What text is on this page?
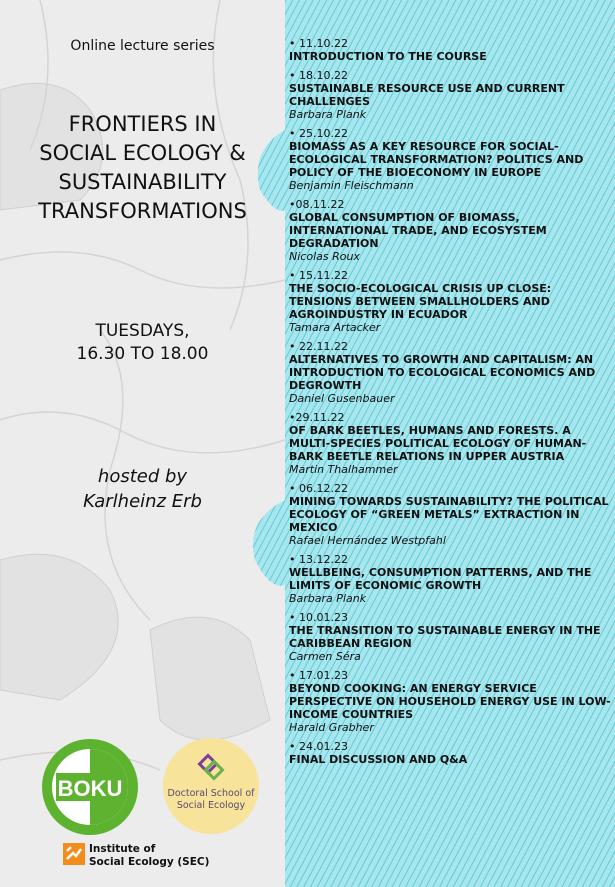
Online lecture series
FRONTIERS IN
SOCIAL ECOLOGY &
SUSTAINABILITY
TRANSFORMATIONS
TUESDAYS,
16.30 TO 18.00
hosted by
Karlheinz Erb
BOKU	Doctoral School of
Social Ecology
Institute of
Social Ecology (SEC)
• 11.10.22
INTRODUCTION TO THE COURSE
• 18.10.22
SUSTAINABLE RESOURCE USE AND CURRENT CHALLENGES
Barbara Plank
• 25.10.22
BIOMASS AS A KEY RESOURCE FOR SOCIAL-ECOLOGICAL TRANSFORMATION? POLITICS AND POLICY OF THE BIOECONOMY IN EUROPE
Benjamin Fleischmann
•08.11.22
GLOBAL CONSUMPTION OF BIOMASS, INTERNATIONAL TRADE, AND ECOSYSTEM DEGRADATION
Nicolas Roux
• 15.11.22
THE SOCIO-ECOLOGICAL CRISIS UP CLOSE: TENSIONS BETWEEN SMALLHOLDERS AND AGROINDUSTRY IN ECUADOR
Tamara Artacker
• 22.11.22
ALTERNATIVES TO GROWTH AND CAPITALISM: AN INTRODUCTION TO ECOLOGICAL ECONOMICS AND DEGROWTH
Daniel Gusenbauer
•29.11.22
OF BARK BEETLES, HUMANS AND FORESTS. A MULTI-SPECIES POLITICAL ECOLOGY OF HUMAN-BARK BEETLE RELATIONS IN UPPER AUSTRIA
Martin Thalhammer
• 06.12.22
MINING TOWARDS SUSTAINABILITY? THE POLITICAL ECOLOGY OF “GREEN METALS” EXTRACTION IN MEXICO
Rafael Hernández Westpfahl
• 13.12.22
WELLBEING, CONSUMPTION PATTERNS, AND THE LIMITS OF ECONOMIC GROWTH
Barbara Plank
• 10.01.23
THE TRANSITION TO SUSTAINABLE ENERGY IN THE CARIBBEAN REGION
Carmen Séra
• 17.01.23
BEYOND COOKING: AN ENERGY SERVICE PERSPECTIVE ON HOUSEHOLD ENERGY USE IN LOW-INCOME COUNTRIES
Harald Grabher
• 24.01.23
FINAL DISCUSSION AND Q&A
